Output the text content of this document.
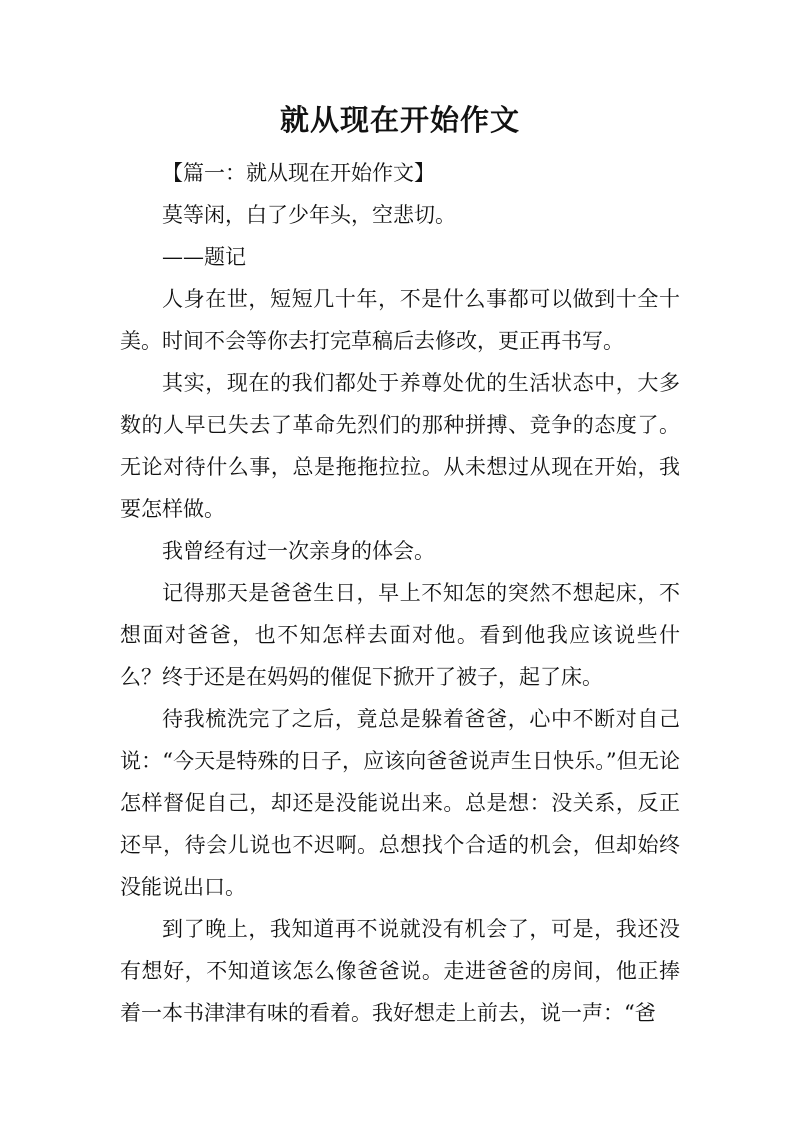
就从现在开始作文

【篇一：就从现在开始作文】

莫等闲，白了少年头，空悲切。

——题记

人身在世，短短几十年，不是什么事都可以做到十全十美。时间不会等你去打完草稿后去修改，更正再书写。

其实，现在的我们都处于养尊处优的生活状态中，大多数的人早已失去了革命先烈们的那种拼搏、竞争的态度了。无论对待什么事，总是拖拖拉拉。从未想过从现在开始，我要怎样做。

我曾经有过一次亲身的体会。

记得那天是爸爸生日，早上不知怎的突然不想起床，不想面对爸爸，也不知怎样去面对他。看到他我应该说些什么？终于还是在妈妈的催促下掀开了被子，起了床。

待我梳洗完了之后，竟总是躲着爸爸，心中不断对自己说：“今天是特殊的日子，应该向爸爸说声生日快乐。”但无论怎样督促自己，却还是没能说出来。总是想：没关系，反正还早，待会儿说也不迟啊。总想找个合适的机会，但却始终没能说出口。

到了晚上，我知道再不说就没有机会了，可是，我还没有想好，不知道该怎么像爸爸说。走进爸爸的房间，他正捧着一本书津津有味的看着。我好想走上前去，说一声：“爸
